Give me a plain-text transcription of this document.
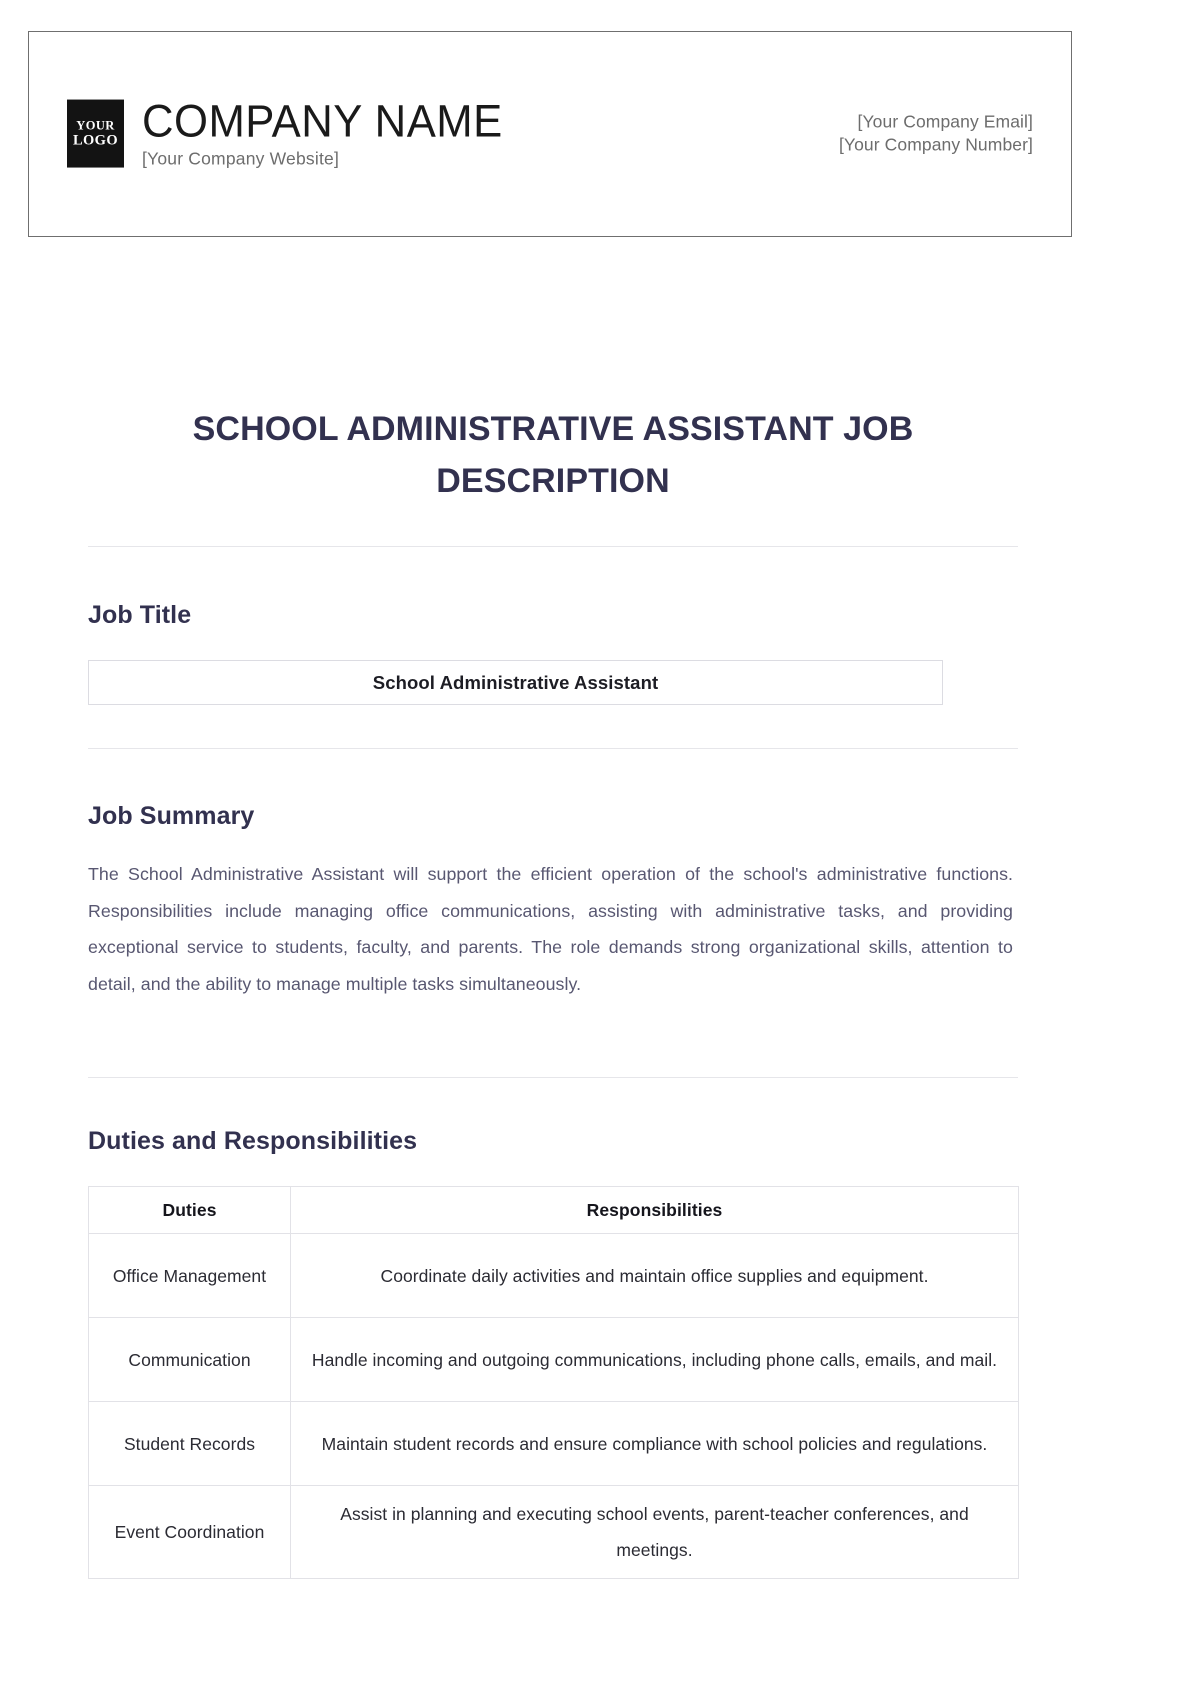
YOUR
LOGO COMPANY NAME
[Your Company Website]
[Your Company Email]
[Your Company Number]
SCHOOL ADMINISTRATIVE ASSISTANT JOB DESCRIPTION
Job Title
School Administrative Assistant
Job Summary
The School Administrative Assistant will support the efficient operation of the school's administrative functions. Responsibilities include managing office communications, assisting with administrative tasks, and providing exceptional service to students, faculty, and parents. The role demands strong organizational skills, attention to detail, and the ability to manage multiple tasks simultaneously.
Duties and Responsibilities
Duties	Responsibilities
Office Management	Coordinate daily activities and maintain office supplies and equipment.
Communication	Handle incoming and outgoing communications, including phone calls, emails, and mail.
Student Records	Maintain student records and ensure compliance with school policies and regulations.
Event Coordination	Assist in planning and executing school events, parent-teacher conferences, and meetings.
